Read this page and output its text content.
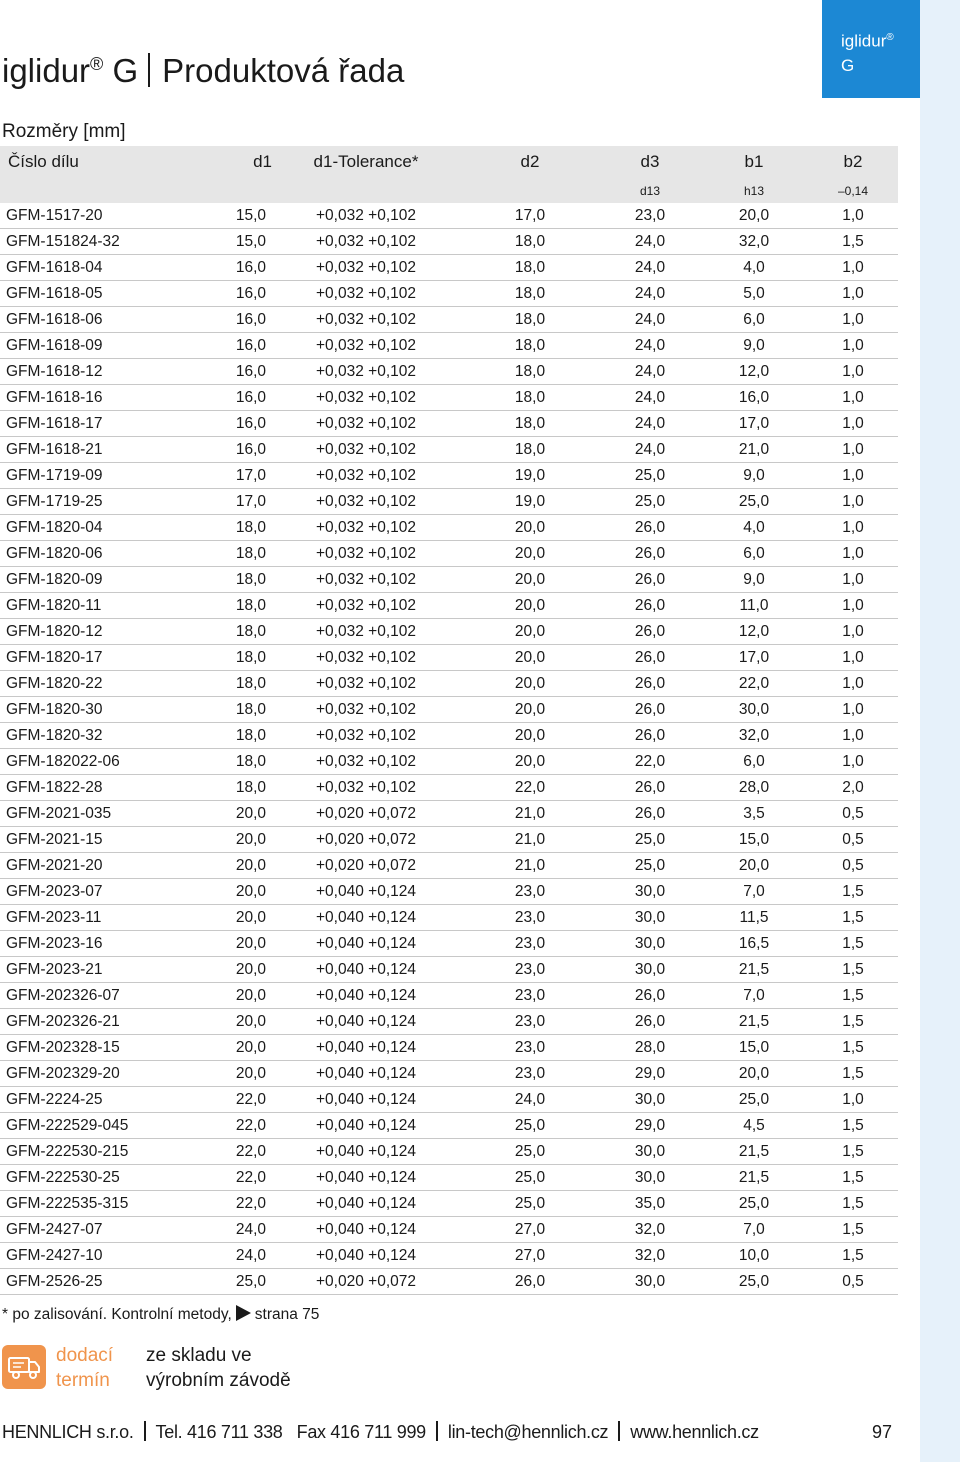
iglidur®
G
iglidur® G Produktová řada
Rozměry [mm]
Číslo dílu	d1	d1-Tolerance*	d2	d3	b1	b2
				d13	h13	–0,14
GFM-1517-20	15,0	+0,032 +0,102	17,0	23,0	20,0	1,0
GFM-151824-32	15,0	+0,032 +0,102	18,0	24,0	32,0	1,5
GFM-1618-04	16,0	+0,032 +0,102	18,0	24,0	4,0	1,0
GFM-1618-05	16,0	+0,032 +0,102	18,0	24,0	5,0	1,0
GFM-1618-06	16,0	+0,032 +0,102	18,0	24,0	6,0	1,0
GFM-1618-09	16,0	+0,032 +0,102	18,0	24,0	9,0	1,0
GFM-1618-12	16,0	+0,032 +0,102	18,0	24,0	12,0	1,0
GFM-1618-16	16,0	+0,032 +0,102	18,0	24,0	16,0	1,0
GFM-1618-17	16,0	+0,032 +0,102	18,0	24,0	17,0	1,0
GFM-1618-21	16,0	+0,032 +0,102	18,0	24,0	21,0	1,0
GFM-1719-09	17,0	+0,032 +0,102	19,0	25,0	9,0	1,0
GFM-1719-25	17,0	+0,032 +0,102	19,0	25,0	25,0	1,0
GFM-1820-04	18,0	+0,032 +0,102	20,0	26,0	4,0	1,0
GFM-1820-06	18,0	+0,032 +0,102	20,0	26,0	6,0	1,0
GFM-1820-09	18,0	+0,032 +0,102	20,0	26,0	9,0	1,0
GFM-1820-11	18,0	+0,032 +0,102	20,0	26,0	11,0	1,0
GFM-1820-12	18,0	+0,032 +0,102	20,0	26,0	12,0	1,0
GFM-1820-17	18,0	+0,032 +0,102	20,0	26,0	17,0	1,0
GFM-1820-22	18,0	+0,032 +0,102	20,0	26,0	22,0	1,0
GFM-1820-30	18,0	+0,032 +0,102	20,0	26,0	30,0	1,0
GFM-1820-32	18,0	+0,032 +0,102	20,0	26,0	32,0	1,0
GFM-182022-06	18,0	+0,032 +0,102	20,0	22,0	6,0	1,0
GFM-1822-28	18,0	+0,032 +0,102	22,0	26,0	28,0	2,0
GFM-2021-035	20,0	+0,020 +0,072	21,0	26,0	3,5	0,5
GFM-2021-15	20,0	+0,020 +0,072	21,0	25,0	15,0	0,5
GFM-2021-20	20,0	+0,020 +0,072	21,0	25,0	20,0	0,5
GFM-2023-07	20,0	+0,040 +0,124	23,0	30,0	7,0	1,5
GFM-2023-11	20,0	+0,040 +0,124	23,0	30,0	11,5	1,5
GFM-2023-16	20,0	+0,040 +0,124	23,0	30,0	16,5	1,5
GFM-2023-21	20,0	+0,040 +0,124	23,0	30,0	21,5	1,5
GFM-202326-07	20,0	+0,040 +0,124	23,0	26,0	7,0	1,5
GFM-202326-21	20,0	+0,040 +0,124	23,0	26,0	21,5	1,5
GFM-202328-15	20,0	+0,040 +0,124	23,0	28,0	15,0	1,5
GFM-202329-20	20,0	+0,040 +0,124	23,0	29,0	20,0	1,5
GFM-2224-25	22,0	+0,040 +0,124	24,0	30,0	25,0	1,0
GFM-222529-045	22,0	+0,040 +0,124	25,0	29,0	4,5	1,5
GFM-222530-215	22,0	+0,040 +0,124	25,0	30,0	21,5	1,5
GFM-222530-25	22,0	+0,040 +0,124	25,0	30,0	21,5	1,5
GFM-222535-315	22,0	+0,040 +0,124	25,0	35,0	25,0	1,5
GFM-2427-07	24,0	+0,040 +0,124	27,0	32,0	7,0	1,5
GFM-2427-10	24,0	+0,040 +0,124	27,0	32,0	10,0	1,5
GFM-2526-25	25,0	+0,020 +0,072	26,0	30,0	25,0	0,5
* po zalisování. Kontrolní metody, strana 75
dodací
termín
ze skladu ve
výrobním závodě
HENNLICH s.r.o. Tel. 416 711 338 Fax 416 711 999 lin-tech@hennlich.cz www.hennlich.cz	97
